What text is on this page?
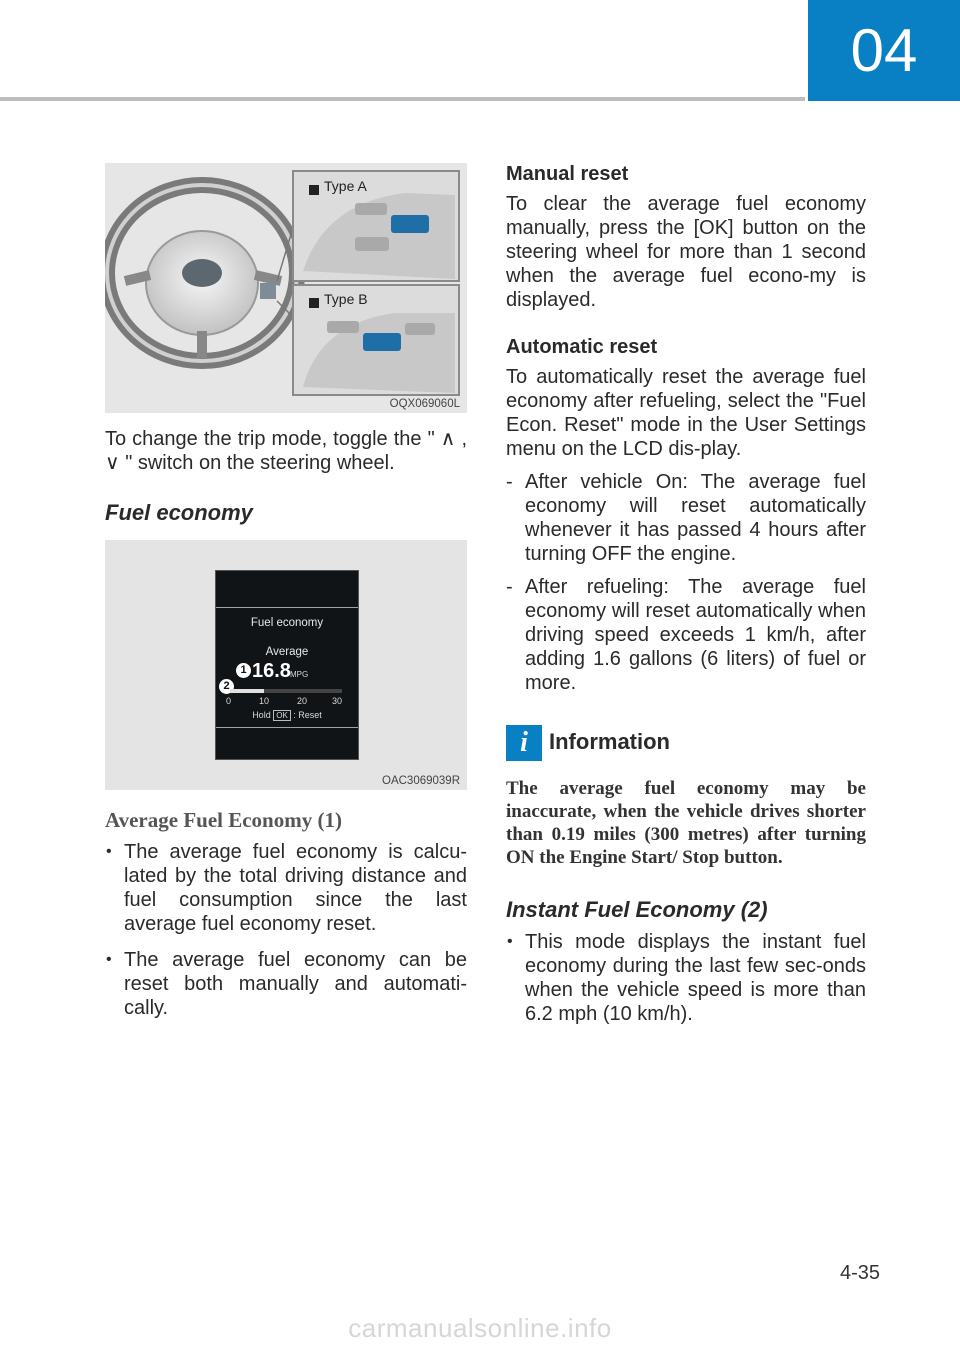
04
Type A
Type B
OQX069060L

To change the trip mode, toggle the " ∧ , ∨ " switch on the steering wheel.

Fuel economy
Fuel economy
Average
1 16.8 MPG
2
0	10	20	30
Hold OK : Reset
OAC3069039R
Average Fuel Economy (1)

• The average fuel economy is calcu-lated by the total driving distance and fuel consumption since the last average fuel economy reset.

• The average fuel economy can be reset both manually and automati-cally.

Manual reset

To clear the average fuel economy manually, press the [OK] button on the steering wheel for more than 1 second when the average fuel econo-my is displayed.

Automatic reset

To automatically reset the average fuel economy after refueling, select the "Fuel Econ. Reset" mode in the User Settings menu on the LCD dis-play.

- After vehicle On: The average fuel economy will reset automatically whenever it has passed 4 hours after turning OFF the engine.

- After refueling: The average fuel economy will reset automatically when driving speed exceeds 1 km/h, after adding 1.6 gallons (6 liters) of fuel or more.

i Information

The average fuel economy may be inaccurate, when the vehicle drives shorter than 0.19 miles (300 metres) after turning ON the Engine Start/ Stop button.

Instant Fuel Economy (2)

• This mode displays the instant fuel economy during the last few sec-onds when the vehicle speed is more than 6.2 mph (10 km/h).

4-35
carmanualsonline.info
